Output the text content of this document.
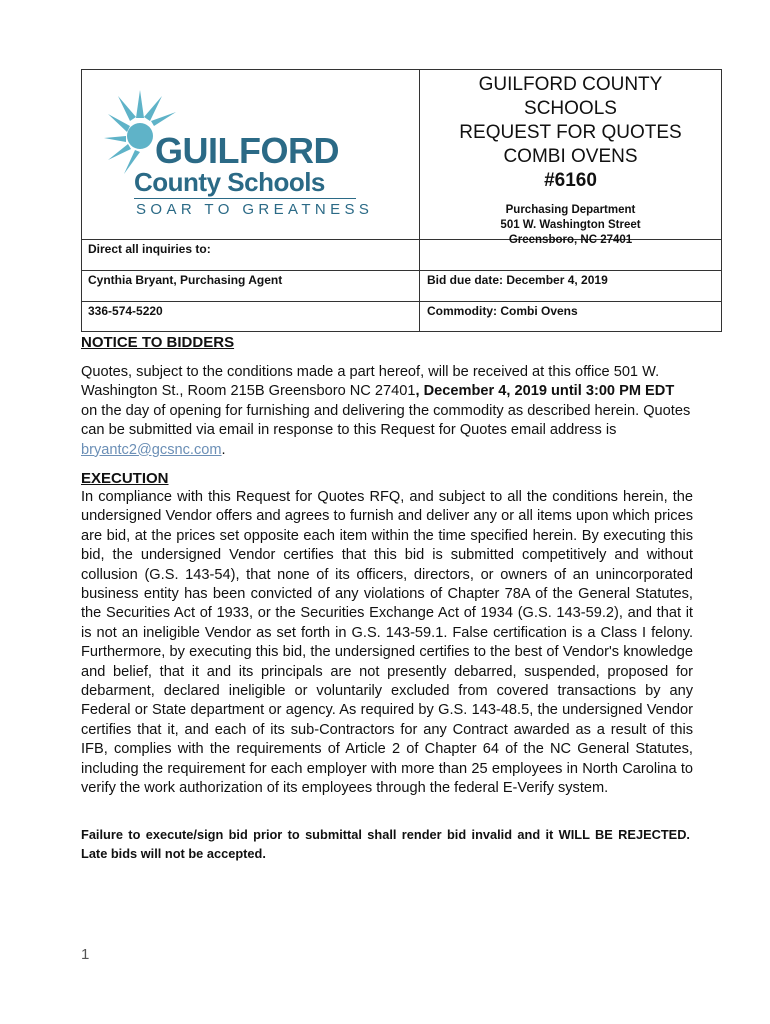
GUILFORD
County Schools
SOAR TO GREATNESS
GUILFORD COUNTY
SCHOOLS
REQUEST FOR QUOTES
COMBI OVENS
#6160
Purchasing Department
501 W. Washington Street
Greensboro, NC 27401
Direct all inquiries to:
Cynthia Bryant, Purchasing Agent
336-574-5220
Bid due date: December 4, 2019
Commodity: Combi Ovens
NOTICE TO BIDDERS
Quotes, subject to the conditions made a part hereof, will be received at this office 501 W. Washington St., Room 215B Greensboro NC 27401, December 4, 2019 until 3:00 PM EDT on the day of opening for furnishing and delivering the commodity as described herein. Quotes can be submitted via email in response to this Request for Quotes email address is bryantc2@gcsnc.com.
EXECUTION
In compliance with this Request for Quotes RFQ, and subject to all the conditions herein, the undersigned Vendor offers and agrees to furnish and deliver any or all items upon which prices are bid, at the prices set opposite each item within the time specified herein. By executing this bid, the undersigned Vendor certifies that this bid is submitted competitively and without collusion (G.S. 143-54), that none of its officers, directors, or owners of an unincorporated business entity has been convicted of any violations of Chapter 78A of the General Statutes, the Securities Act of 1933, or the Securities Exchange Act of 1934 (G.S. 143-59.2), and that it is not an ineligible Vendor as set forth in G.S. 143-59.1. False certification is a Class I felony. Furthermore, by executing this bid, the undersigned certifies to the best of Vendor's knowledge and belief, that it and its principals are not presently debarred, suspended, proposed for debarment, declared ineligible or voluntarily excluded from covered transactions by any Federal or State department or agency. As required by G.S. 143-48.5, the undersigned Vendor certifies that it, and each of its sub-Contractors for any Contract awarded as a result of this IFB, complies with the requirements of Article 2 of Chapter 64 of the NC General Statutes, including the requirement for each employer with more than 25 employees in North Carolina to verify the work authorization of its employees through the federal E-Verify system.
Failure to execute/sign bid prior to submittal shall render bid invalid and it WILL BE REJECTED. Late bids will not be accepted.
1
